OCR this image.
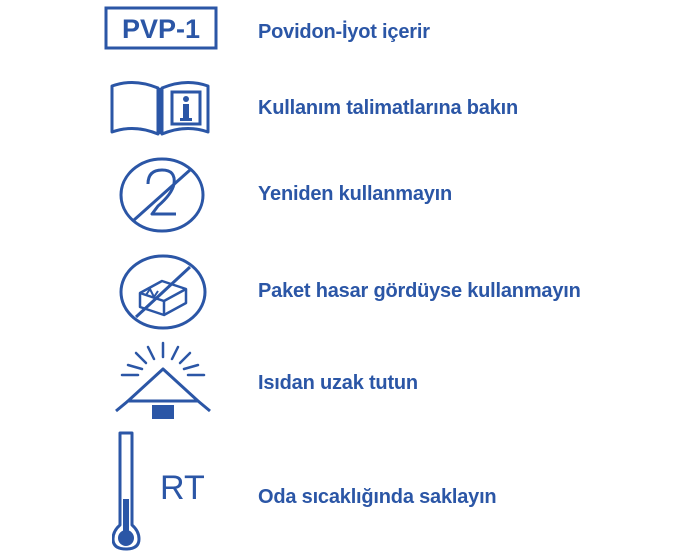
PVP-1	Povidon-İyot içerir
Kullanım talimatlarına bakın
Yeniden kullanmayın
Paket hasar gördüyse kullanmayın
Isıdan uzak tutun
RT	Oda sıcaklığında saklayın
